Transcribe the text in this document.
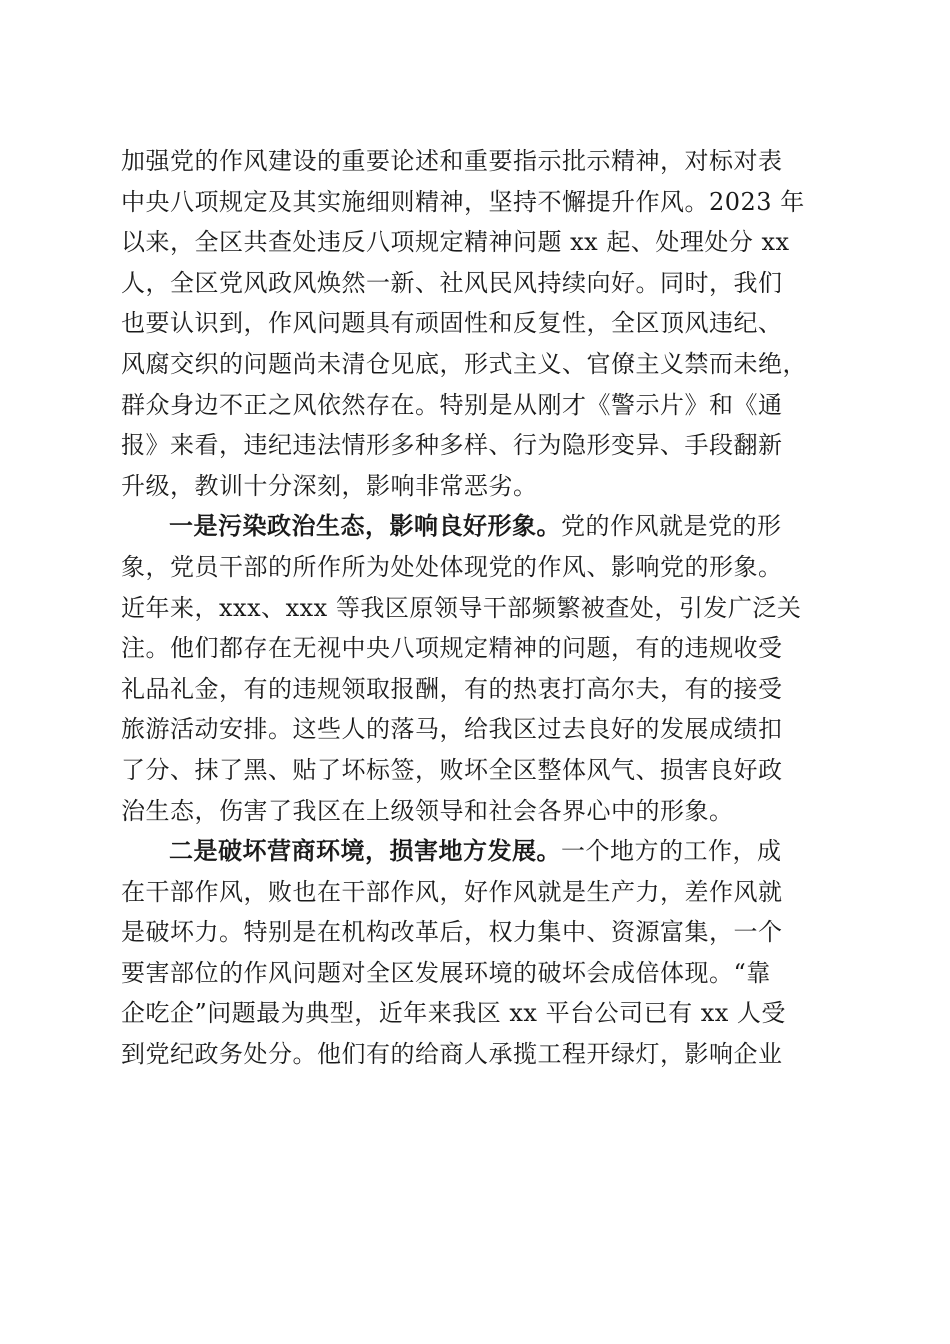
加强党的作风建设的重要论述和重要指示批示精神，对标对表
中央八项规定及其实施细则精神，坚持不懈提升作风。2023 年
以来，全区共查处违反八项规定精神问题 xx 起、处理处分 xx
人，全区党风政风焕然一新、社风民风持续向好。同时，我们
也要认识到，作风问题具有顽固性和反复性，全区顶风违纪、
风腐交织的问题尚未清仓见底，形式主义、官僚主义禁而未绝，
群众身边不正之风依然存在。特别是从刚才《警示片》和《通
报》来看，违纪违法情形多种多样、行为隐形变异、手段翻新
升级，教训十分深刻，影响非常恶劣。
一是污染政治生态，影响良好形象。党的作风就是党的形
象，党员干部的所作所为处处体现党的作风、影响党的形象。
近年来，xxx、xxx 等我区原领导干部频繁被查处，引发广泛关
注。他们都存在无视中央八项规定精神的问题，有的违规收受
礼品礼金，有的违规领取报酬，有的热衷打高尔夫，有的接受
旅游活动安排。这些人的落马，给我区过去良好的发展成绩扣
了分、抹了黑、贴了坏标签，败坏全区整体风气、损害良好政
治生态，伤害了我区在上级领导和社会各界心中的形象。
二是破坏营商环境，损害地方发展。一个地方的工作，成
在干部作风，败也在干部作风，好作风就是生产力，差作风就
是破坏力。特别是在机构改革后，权力集中、资源富集，一个
要害部位的作风问题对全区发展环境的破坏会成倍体现。“靠
企吃企”问题最为典型，近年来我区 xx 平台公司已有 xx 人受
到党纪政务处分。他们有的给商人承揽工程开绿灯，影响企业
